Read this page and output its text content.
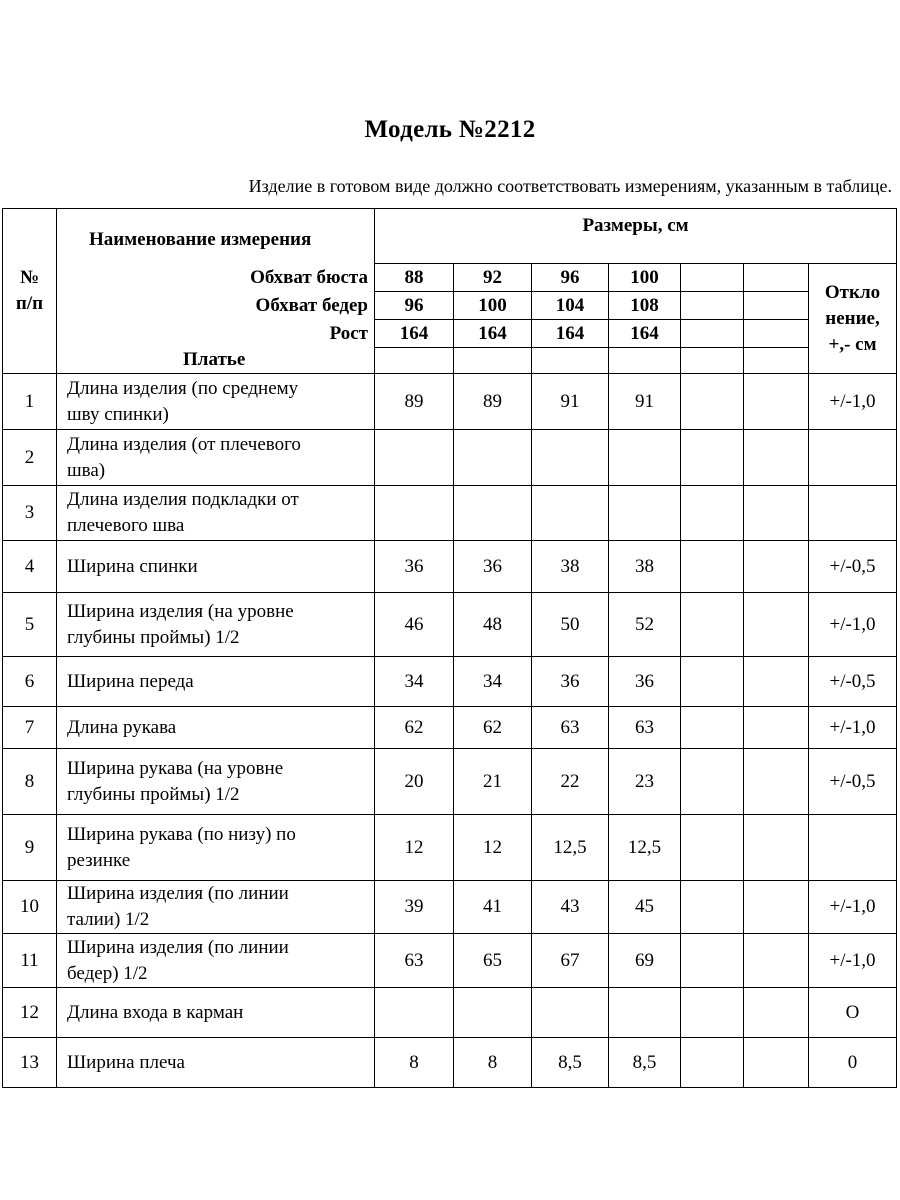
Модель №2212
Изделие в готовом виде должно соответствовать измерениям, указанным в таблице.
№
п/п	Наименование измерения	Размеры, см						
	Обхват бюста	88	92	96	100			Откло
нение,
+,- см
	Обхват бедер	96	100	104	108			
	Рост	164	164	164	164			
	Платье							
1	Длина изделия (по среднему
шву спинки)	89	89	91	91			+/-1,0
2	Длина изделия (от плечевого
шва)							
3	Длина изделия подкладки от
плечевого шва							
4	Ширина спинки	36	36	38	38			+/-0,5
5	Ширина изделия (на уровне
глубины проймы) 1/2	46	48	50	52			+/-1,0
6	Ширина переда	34	34	36	36			+/-0,5
7	Длина рукава	62	62	63	63			+/-1,0
8	Ширина рукава (на уровне
глубины проймы) 1/2	20	21	22	23			+/-0,5
9	Ширина рукава (по низу) по
резинке	12	12	12,5	12,5			
10	Ширина изделия (по линии
талии) 1/2	39	41	43	45			+/-1,0
11	Ширина изделия (по линии
бедер) 1/2	63	65	67	69			+/-1,0
12	Длина входа в карман							О
13	Ширина плеча	8	8	8,5	8,5			0
